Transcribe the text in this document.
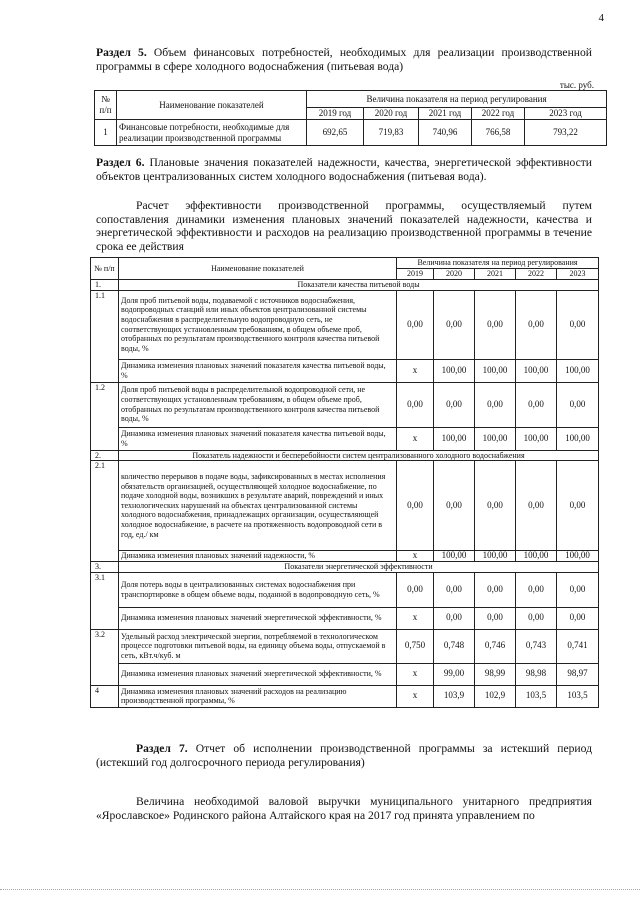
4
Раздел 5. Объем финансовых потребностей, необходимых для реализации производственной программы в сфере холодного водоснабжения (питьевая вода)
тыс. руб.
№ п/п	Наименование показателей	Величина показателя на период регулирования				
		2019 год	2020 год	2021 год	2022 год	2023 год
1	Финансовые потребности, необходимые для реализации производственной программы	692,65	719,83	740,96	766,58	793,22
Раздел 6. Плановые значения показателей надежности, качества, энергетической эффективности объектов централизованных систем холодного водоснабжения (питьевая вода).
Расчет эффективности производственной программы, осуществляемый путем сопоставления динамики изменения плановых значений показателей надежности, качества и энергетической эффективности и расходов на реализацию производственной программы в течение срока ее действия
№ п/п	Наименование показателей	Величина показателя на период регулирования				
		2019	2020	2021	2022	2023
1.	Показатели качества питьевой воды					
1.1	Доля проб питьевой воды, подаваемой с источников водоснабжения, водопроводных станций или иных объектов централизованной системы водоснабжения в распределительную водопроводную сеть, не соответствующих установленным требованиям, в общем объеме проб, отобранных по результатам производственного контроля качества питьевой воды, %	0,00	0,00	0,00	0,00	0,00
	Динамика изменения плановых значений показателя качества питьевой воды, %	x	100,00	100,00	100,00	100,00
1.2	Доля проб питьевой воды в распределительной водопроводной сети, не соответствующих установленным требованиям, в общем объеме проб, отобранных по результатам производственного контроля качества питьевой воды, %	0,00	0,00	0,00	0,00	0,00
	Динамика изменения плановых значений показателя качества питьевой воды, %	x	100,00	100,00	100,00	100,00
2.	Показатель надежности и бесперебойности систем централизованного холодного водоснабжения					
2.1	количество перерывов в подаче воды, зафиксированных в местах исполнения обязательств организацией, осуществляющей холодное водоснабжение, по подаче холодной воды, возникших в результате аварий, повреждений и иных технологических нарушений на объектах централизованной системы холодного водоснабжения, принадлежащих организации, осуществляющей холодное водоснабжение, в расчете на протяженность водопроводной сети в год, ед./ км	0,00	0,00	0,00	0,00	0,00
	Динамика изменения плановых значений надежности, %	x	100,00	100,00	100,00	100,00
3.	Показатели энергетической эффективности					
3.1	Доля потерь воды в централизованных системах водоснабжения при транспортировке в общем объеме воды, поданной в водопроводную сеть, %	0,00	0,00	0,00	0,00	0,00
	Динамика изменения плановых значений энергетической эффективности, %	x	0,00	0,00	0,00	0,00
3.2	Удельный расход электрической энергии, потребляемой в технологическом процессе подготовки питьевой воды, на единицу объема воды, отпускаемой в сеть, кВт.ч/куб. м	0,750	0,748	0,746	0,743	0,741
	Динамика изменения плановых значений энергетической эффективности, %	x	99,00	98,99	98,98	98,97
4	Динамика изменения плановых значений расходов на реализацию производственной программы, %	x	103,9	102,9	103,5	103,5
Раздел 7. Отчет об исполнении производственной программы за истекший период (истекший год долгосрочного периода регулирования)
Величина необходимой валовой выручки муниципального унитарного предприятия «Ярославское» Родинского района Алтайского края на 2017 год принята управлением по
